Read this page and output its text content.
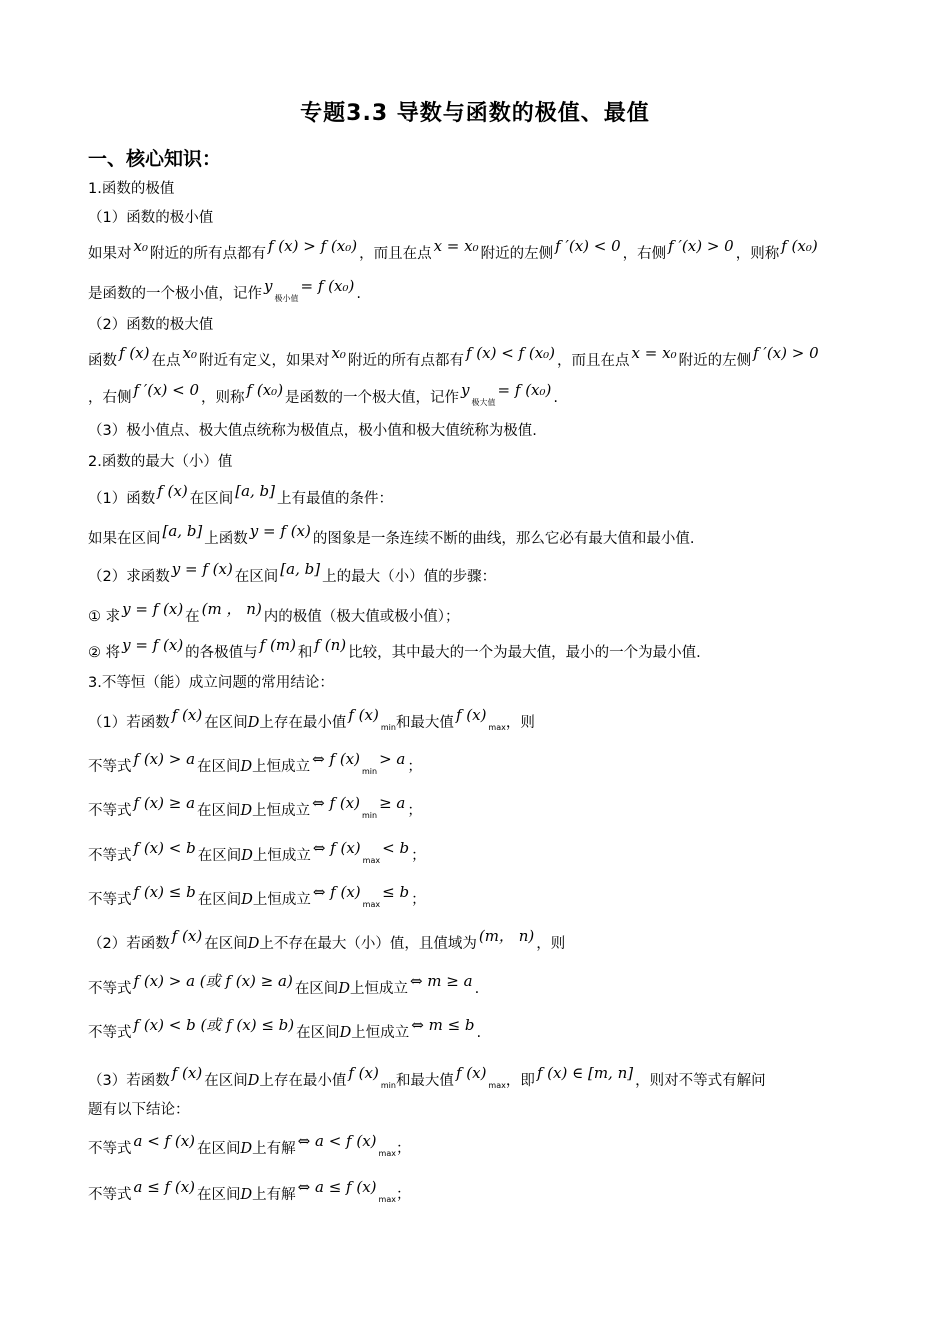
专题3.3 导数与函数的极值、最值
一、核心知识：
1.函数的极值
（1）函数的极小值
如果对 x₀ 附近的所有点都有 f (x) > f (x₀) ，而且在点 x = x₀ 附近的左侧 f ′(x) < 0 ，右侧 f ′(x) > 0 ，则称 f (x₀)
是函数的一个极小值，记作 $y_{极小值}= f$ (x₀) .
（2）函数的极大值
函数 f (x) 在点 x₀ 附近有定义，如果对 x₀ 附近的所有点都有 f (x) < f (x₀) ，而且在点 x = x₀ 附近的左侧 f ′(x) > 0
，右侧 f ′(x) < 0 ，则称 f (x₀) 是函数的一个极大值，记作 $y_{极大值}= f$ (x₀) .
（3）极小值点、极大值点统称为极值点，极小值和极大值统称为极值.
2.函数的最大（小）值
（1）函数 f (x) 在区间 [a, b] 上有最值的条件：
如果在区间 [a, b] 上函数 y = f (x) 的图象是一条连续不断的曲线，那么它必有最大值和最小值.
（2）求函数 y = f (x) 在区间 [a, b] 上的最大（小）值的步骤：
① 求 y = f (x) 在 (m ， n) 内的极值（极大值或极小值）；
② 将 y = f (x) 的各极值与 f (m) 和 f (n) 比较，其中最大的一个为最大值，最小的一个为最小值.
3.不等恒（能）成立问题的常用结论：
（1）若函数 f (x) 在区间D上存在最小值 f $(x)_{min}$和最大值 f $(x)_{max}$，则
不等式 f (x) > a 在区间D上恒成立 ⇔ f $(x)_{min}> a$ ；
不等式 f (x) ≥ a 在区间D上恒成立 ⇔ f $(x)_{min}\ge a$ ；
不等式 f (x) < b 在区间D上恒成立 ⇔ f $(x)_{max}< b$ ；
不等式 f (x) ≤ b 在区间D上恒成立 ⇔ f $(x)_{max}\le b$ ；
（2）若函数 f (x) 在区间D上不存在最大（小）值，且值域为 (m， n) ，则
不等式 f (x) > a (或 f (x) ≥ a) 在区间D上恒成立 ⇔ m ≥ a .
不等式 f (x) < b (或 f (x) ≤ b) 在区间D上恒成立 ⇔ m ≤ b .
（3）若函数 f (x) 在区间D上存在最小值 f $(x)_{min}$和最大值 f $(x)_{max}$，即 f (x) ∈ [m, n] ，则对不等式有解问
题有以下结论：
不等式 a < f (x) 在区间D上有解 ⇔ a < f $(x)_{max}$；
不等式 a ≤ f (x) 在区间D上有解 ⇔ a ≤ f $(x)_{max}$；
